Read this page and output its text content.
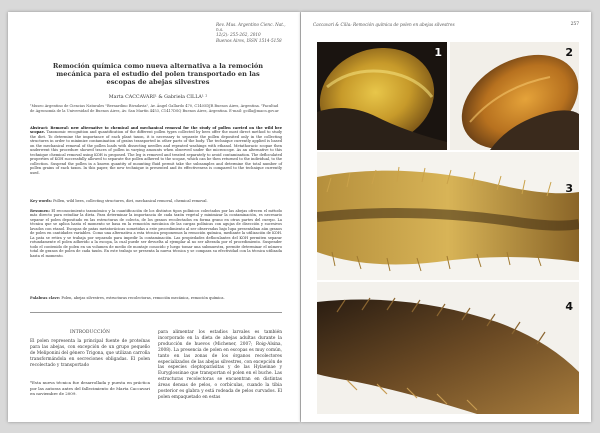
Rev. Mus. Argentino Cienc. Nat., n.s.
12(2): 255-262, 2010
Buenos Aires, ISSN 1514-5158
Remoción química como nueva alternativa a la remoción mecánica para el estudio del polen transportado en las escopas de abejas silvestres
Marta CACCAVARI¹ & Gabriela CILLA¹ ²
¹Museo Argentino de Ciencias Naturales "Bernardino Rivadavia", Av. Ángel Gallardo 470, C1405DJR Buenos Aires, Argentina. ²Facultad de Agronomía de la Universidad de Buenos Aires, Av. San Martín 4453, C1417DSQ Buenos Aires, Argentina. E-mail: gcilla@macn.gov.ar
Abstract: Removal: new alternative to chemical and mechanical removal for the study of pollen carried on the wild bee scopae. Taxonomic recognition and quantification of the different pollen types collected by bees offer the most direct method to study the diet. To determine the importance of each plant taxon, it is necessary to separate the pollen deposited only in the collecting structures in order to minimize contamination of grains transported in other parts of the body. The technique currently applied is based on the mechanical removal of the pollen loads with dissecting needles and repeated washings with ethanol. Metathoracic scopae then underwent this procedure showed traces of pollen in varying amounts when observed under the microscope. As an alternative to this technique chemical removal using KOH is proposed. The leg is removed and treated separately to avoid contamination. The defloculated properties of KOH successfully allowed to separate the pollen adhered to the scopae, which can be then returned to the individual, to the collection. Suspend the pollen in a known quantity of mounting fluid permit take the subsamples and determine the total number of pollen grains of each taxon. In this paper, the new technique is presented and its effectiveness is compared to the technique currently used.
Key words: Pollen, wild bees, collecting structures, diet, mechanical removal, chemical removal.
Resumen: El reconocimiento taxonómico y la cuantificación de los distintos tipos polínicos colectados por las abejas ofrecen el método más directo para estudiar la dieta. Para determinar la importancia de cada taxón vegetal y minimizar la contaminación, es necesario separar el polen depositado en las estructuras de colecta, de los granos recolectados en forma grano en otras partes del cuerpo. La técnica que se aplica hasta el momento se basa en la remoción mecánica de las cargas polínicas con agujas de disección y sucesivos lavados con etanol. Escopas de patas metatorácicas sometidas a este procedimiento al ser observadas bajo lupa presentaban aún granos de polen en cantidades variables. Como una alternativa a esta técnica proponemos la remoción química, mediante la utilización de KOH. La pata se retira y se trabaja por separado para impedir la contaminación. Las propiedades defloculantes del KOH permiten separar rotundamente el polen adherido a la escopa, la cual puede ser devuelta al ejemplar al no ser alterada por el procedimiento. Suspender todo el contenido de polen en un volumen de medio de montaje conocido y luego tomar una submuestra, permite determinar el número total de granos de polen de cada taxón. En este trabajo se presenta la nueva técnica y se compara su efectividad con la técnica utilizada hasta el momento.
Palabras clave: Polen, abejas silvestres, estructuras recolectoras, remoción mecánica, remoción química.
INTRODUCCIÓN
El polen representa la principal fuente de proteínas para las abejas, con excepción de un grupo pequeño de Meliponini del género Trigona, que utilizan carroña transformándola en secreciones obligadas. El polen recolectado y transportado
*Esta nueva técnica fue desarrollada y puesta en práctica por las autoras antes del fallecimiento de Marta Caccavari en noviembre de 2009.
para alimentar los estadios larvales es también incorporado en la dieta de abejas adultas durante la producción de huevos (Michener, 2007; Roig-Alsina, 2008). La presencia de polen en escopas es muy común, tanto en las zonas de los órganos recolectores especializados de las abejas silvestres, con excepción de las especies cleptoparásitas y de las Hylaeinae y Euryglossinae que transportan el polen en el buche. Las estructuras recolectoras se encuentran en distintas áreas densas de pelos, o corbículas, cuando la tibia posterior es glabra y está rodeada de pelos curvados. El polen empaquetado en estas
Caccavari & Cilla: Remoción química de polen en abejas silvestres	257
1	2
3
4
